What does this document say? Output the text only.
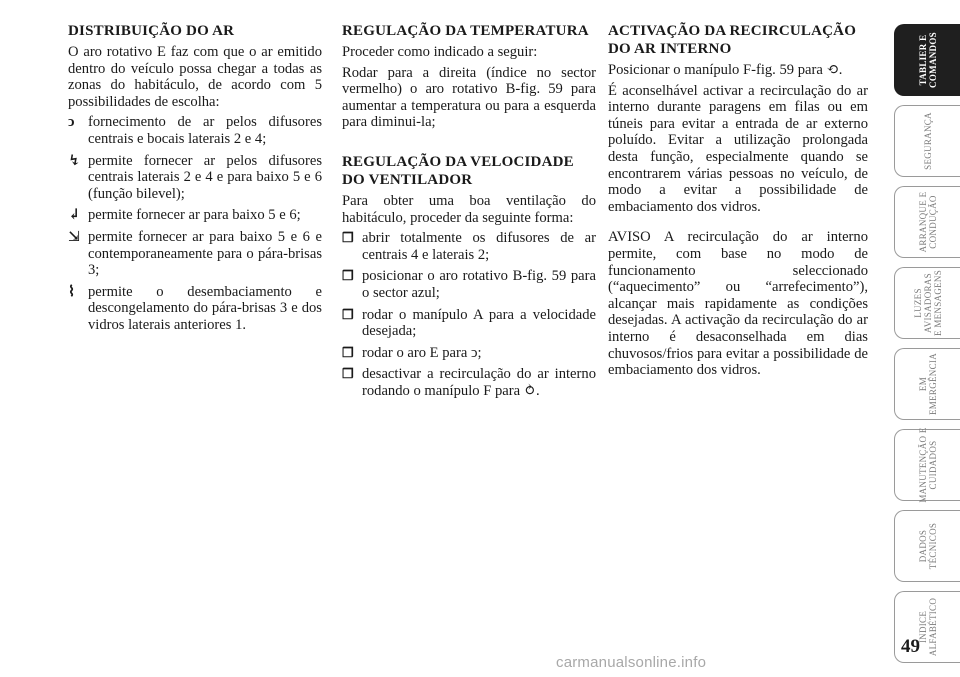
DISTRIBUIÇÃO DO AR

O aro rotativo E faz com que o ar emitido dentro do veículo possa chegar a todas as zonas do habitáculo, de acordo com 5 possibilidades de escolha:

ↄ fornecimento de ar pelos difusores centrais e bocais laterais 2 e 4;
↯ permite fornecer ar pelos difusores centrais laterais 2 e 4 e para baixo 5 e 6 (função bilevel);
↲ permite fornecer ar para baixo 5 e 6;
⇲ permite fornecer ar para baixo 5 e 6 e contemporaneamente para o pára-brisas 3;
⌇ permite o desembaciamento e descongelamento do pára-brisas 3 e dos vidros laterais anteriores 1.
REGULAÇÃO DA TEMPERATURA

Proceder como indicado a seguir:

Rodar para a direita (índice no sector vermelho) o aro rotativo B-fig. 59 para aumentar a temperatura ou para a esquerda para diminui-la;

REGULAÇÃO DA VELOCIDADE DO VENTILADOR

Para obter uma boa ventilação do habitáculo, proceder da seguinte forma:

❒ abrir totalmente os difusores de ar centrais 4 e laterais 2;
❒ posicionar o aro rotativo B-fig. 59 para o sector azul;
❒ rodar o manípulo A para a velocidade desejada;
❒ rodar o aro E para ↄ;
❒ desactivar a recirculação do ar interno rodando o manípulo F para ⥁.
ACTIVAÇÃO DA RECIRCULAÇÃO DO AR INTERNO

Posicionar o manípulo F-fig. 59 para ⟲.

É aconselhável activar a recirculação do ar interno durante paragens em filas ou em túneis para evitar a entrada de ar externo poluído. Evitar a utilização prolongada desta função, especialmente quando se encontrarem várias pessoas no veículo, de modo a evitar a possibilidade de embaciamento dos vidros.

AVISO A recirculação do ar interno permite, com base no modo de funcionamento seleccionado (“aquecimento” ou “arrefecimento”), alcançar mais rapidamente as condições desejadas. A activação da recirculação do ar interno é desaconselhada em dias chuvosos/frios para evitar a possibilidade de embaciamento dos vidros.

TABLIER E
COMANDOS
SEGURANÇA
ARRANQUE E
CONDUÇÃO
LUZES
AVISADORAS
E MENSAGENS
EM
EMERGÊNCIA
MANUTENÇÃO E
CUIDADOS
DADOS
TÉCNICOS
ÍNDICE
ALFABÉTICO
49
carmanualsonline.info
